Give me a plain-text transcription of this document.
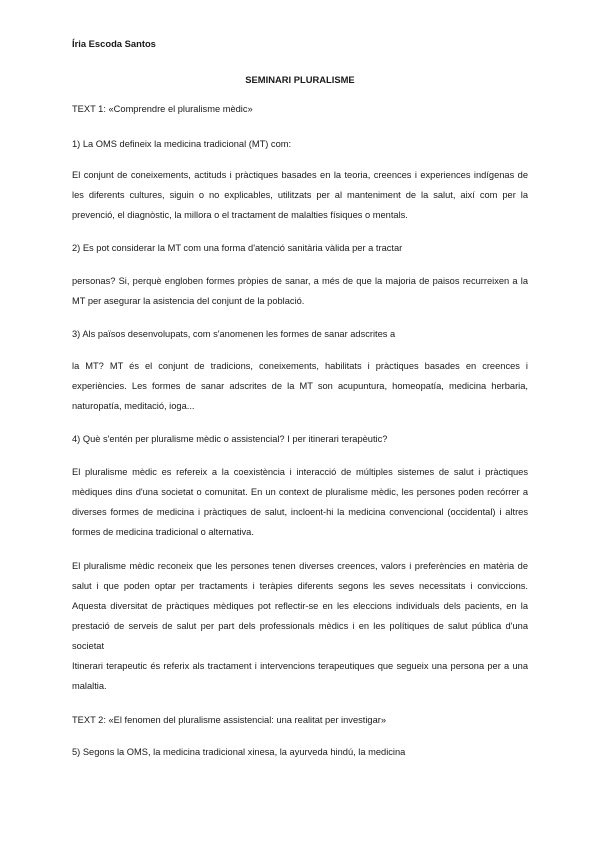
Íria Escoda Santos
SEMINARI PLURALISME
TEXT 1: «Comprendre el pluralisme mèdic»
1) La OMS defineix la medicina tradicional (MT) com:
El conjunt de coneixements, actituds i pràctiques basades en la teoria, creences i experiences indígenas de les diferents cultures, siguin o no explicables, utilitzats per al manteniment de la salut, així com per la prevenció, el diagnòstic, la millora o el tractament de malalties físiques o mentals.
2) Es pot considerar la MT com una forma d'atenció sanitària vàlida per a tractar
personas? Si, perquè engloben formes pròpies de sanar, a més de que la majoria de paisos recurreixen a la MT per asegurar la asistencia del conjunt de la població.
3) Als països desenvolupats, com s'anomenen les formes de sanar adscrites a
la MT? MT és el conjunt de tradicions, coneixements, habilitats i pràctiques basades en creences i experiències. Les formes de sanar adscrites de la MT son acupuntura, homeopatía, medicina herbaria, naturopatía, meditació, ioga...
4) Què s'entén per pluralisme mèdic o assistencial? I per itinerari terapèutic?
El pluralisme mèdic es refereix a la coexistència i interacció de múltiples sistemes de salut i pràctiques mèdiques dins d'una societat o comunitat. En un context de pluralisme mèdic, les persones poden recórrer a diverses formes de medicina i pràctiques de salut, incloent-hi la medicina convencional (occidental) i altres formes de medicina tradicional o alternativa.
El pluralisme mèdic reconeix que les persones tenen diverses creences, valors i preferències en matèria de salut i que poden optar per tractaments i teràpies diferents segons les seves necessitats i conviccions. Aquesta diversitat de pràctiques mèdiques pot reflectir-se en les eleccions individuals dels pacients, en la prestació de serveis de salut per part dels professionals mèdics i en les polítiques de salut pública d'una societat
Itinerari terapeutic és referix als tractament i intervencions terapeutiques que segueix una persona per a una malaltia.
TEXT 2: «El fenomen del pluralisme assistencial: una realitat per investigar»
5) Segons la OMS, la medicina tradicional xinesa, la ayurveda hindú, la medicina
